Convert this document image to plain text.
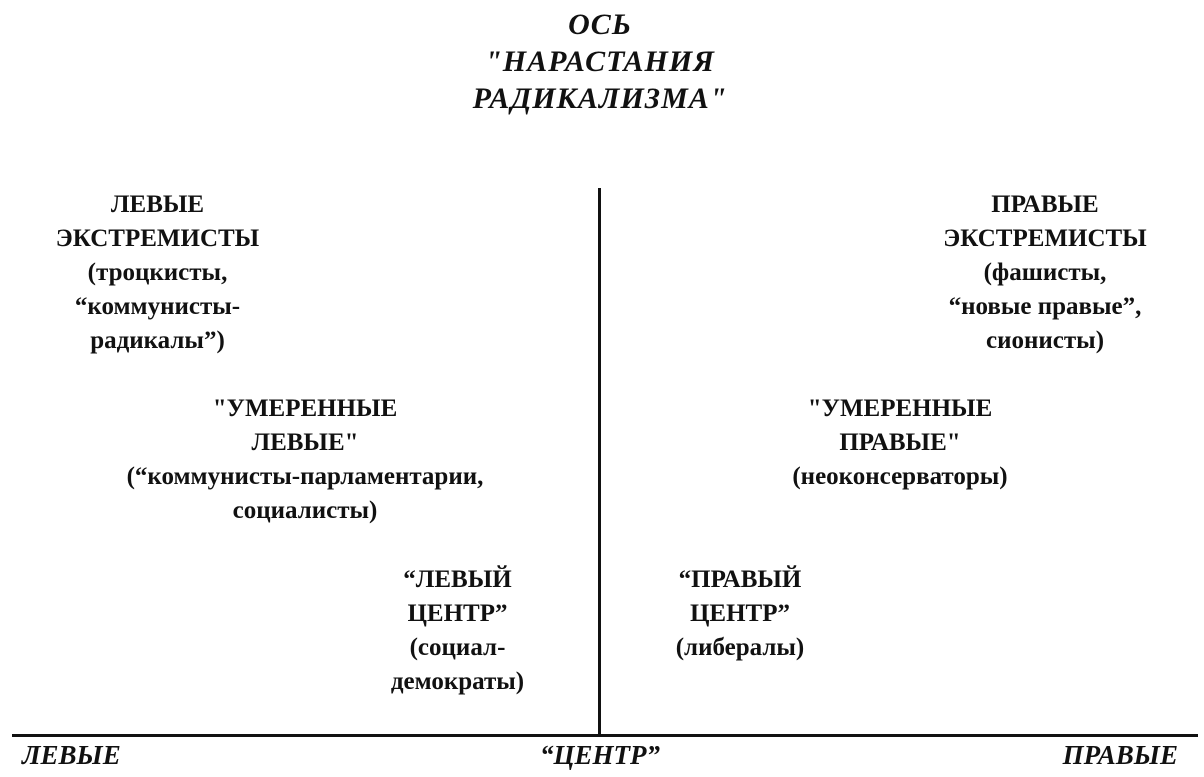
ОСЬ
"НАРАСТАНИЯ
РАДИКАЛИЗМА"
ЛЕВЫЕ
ЭКСТРЕМИСТЫ
(троцкисты,
“коммунисты-
радикалы”)
ПРАВЫЕ
ЭКСТРЕМИСТЫ
(фашисты,
“новые правые”,
сионисты)
"УМЕРЕННЫЕ
ЛЕВЫЕ"
(“коммунисты-парламентарии,
социалисты)
"УМЕРЕННЫЕ
ПРАВЫЕ"
(неоконсерваторы)
“ЛЕВЫЙ
ЦЕНТР”
(социал-
демократы)
“ПРАВЫЙ
ЦЕНТР”
(либералы)
ЛЕВЫЕ	“ЦЕНТР”	ПРАВЫЕ
